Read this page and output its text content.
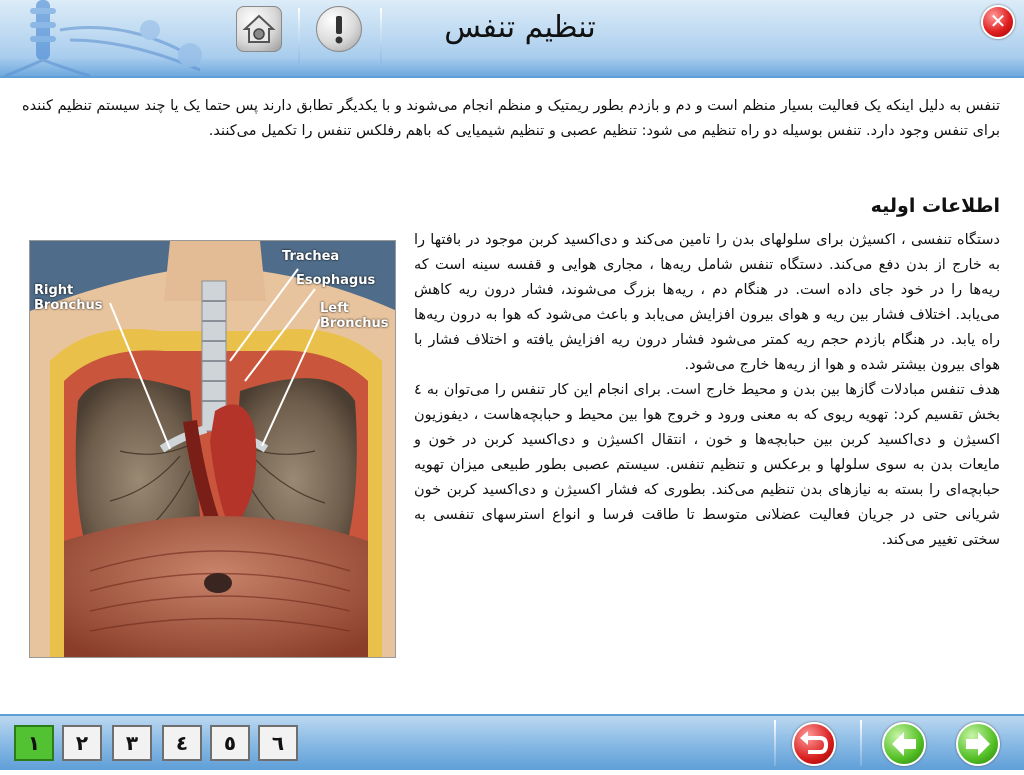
تنظیم تنفس	✕
تنفس به دلیل اینکه یک فعالیت بسیار منظم است و دم و بازدم بطور ریمتیک و منظم انجام می‌شوند و با یکدیگر تطابق دارند پس حتما یک یا چند سیستم تنظیم کننده برای تنفس وجود دارد. تنفس بوسیله دو راه تنظیم می شود: تنظیم عصبی و تنظیم شیمیایی که باهم رفلکس تنفس را تکمیل می‌کنند.
اطلاعات اولیه

دستگاه تنفسی ، اکسیژن برای سلولهای بدن را تامین می‌کند و دی‌اکسید کربن موجود در بافتها را به خارج از بدن دفع می‌کند. دستگاه تنفس شامل ریه‌ها ، مجاری هوایی و قفسه سینه است که ریه‌ها را در خود جای داده است. در هنگام دم ، ریه‌ها بزرگ می‌شوند، فشار درون ریه کاهش می‌یابد. اختلاف فشار بین ریه و هوای بیرون افزایش می‌یابد و باعث می‌شود که هوا به درون ریه‌ها راه یابد. در هنگام بازدم حجم ریه کمتر می‌شود فشار درون ریه افزایش یافته و اختلاف فشار با هوای بیرون بیشتر شده و هوا از ریه‌ها خارج می‌شود.

هدف تنفس مبادلات گازها بین بدن و محیط خارج است. برای انجام این کار تنفس را می‌توان به ٤ بخش تقسیم کرد: تهویه ریوی که به معنی ورود و خروج هوا بین محیط و حبابچه‌هاست ، دیفوزیون اکسیژن و دی‌اکسید کربن بین حبابچه‌ها و خون ، انتقال اکسیژن و دی‌اکسید کربن در خون و مایعات بدن به سوی سلولها و برعکس و تنظیم تنفس. سیستم عصبی بطور طبیعی میزان تهویه حبابچه‌ای را بسته به نیازهای بدن تنظیم می‌کند. بطوری که فشار اکسیژن و دی‌اکسید کربن خون شریانی حتی در جریان فعالیت عضلانی متوسط تا طاقت فرسا و انواع استرسهای تنفسی به سختی تغییر می‌کند.

Trachea
Esophagus
Right
Bronchus	Left
Bronchus
١	٢	٣	٤	٥	٦
